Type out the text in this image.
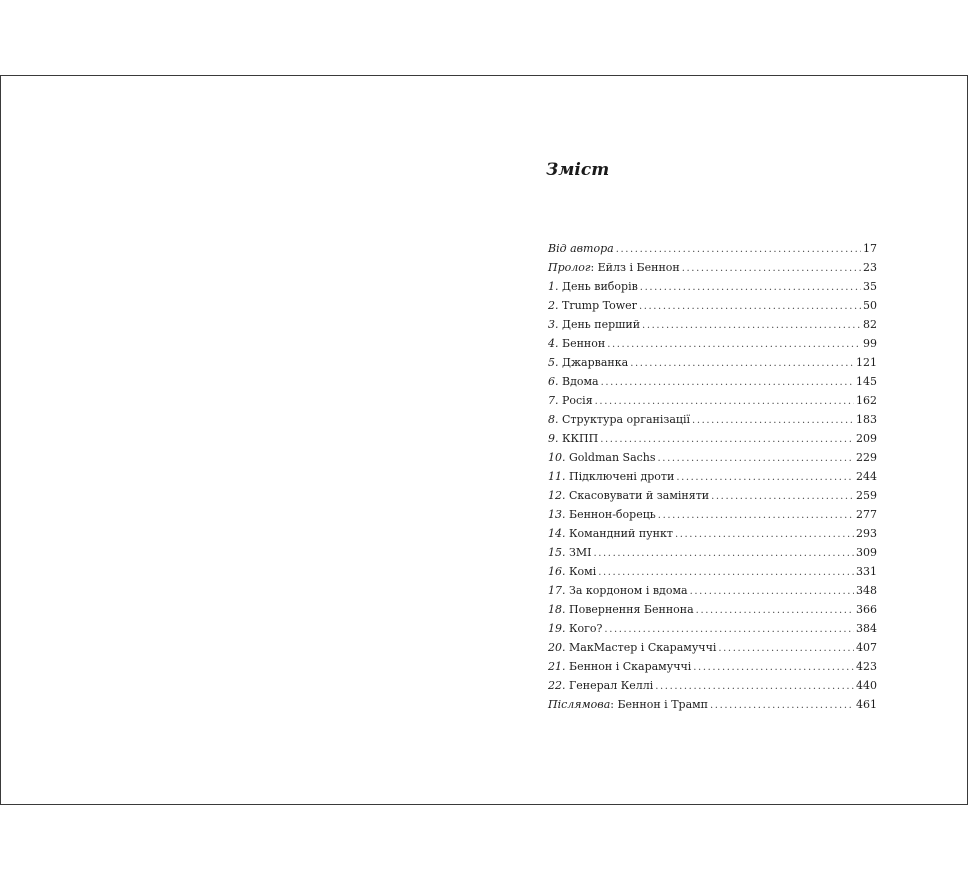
Зміст
Від автора .....	17
Пролог: Ейлз і Беннон .....	23
1. День виборів .....	35
2. Trump Tower .....	50
3. День перший .....	82
4. Беннон .....	99
5. Джарванка .....	121
6. Вдома .....	145
7. Росія .....	162
8. Структура організації .....	183
9. ККПП .....	209
10. Goldman Sachs .....	229
11. Підключені дроти .....	244
12. Скасовувати й заміняти .....	259
13. Беннон-борець .....	277
14. Командний пункт .....	293
15. ЗМІ .....	309
16. Комі .....	331
17. За кордоном і вдома .....	348
18. Повернення Беннона .....	366
19. Кого? .....	384
20. МакМастер і Скарамуччі .....	407
21. Беннон і Скарамуччі .....	423
22. Генерал Келлі .....	440
Післямова: Беннон і Трамп .....	461
